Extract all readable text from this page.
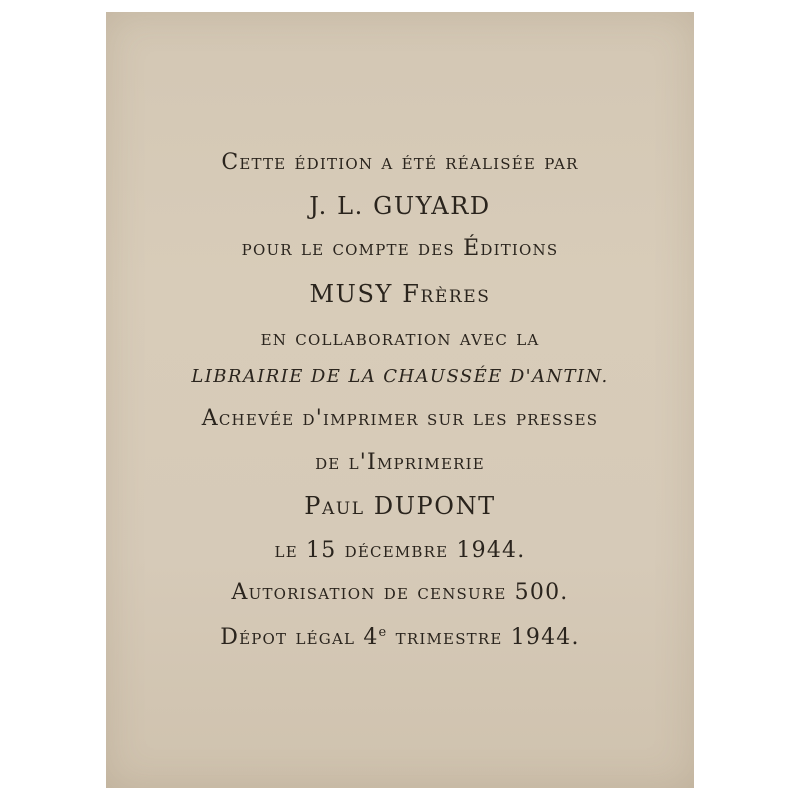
Cette édition a été réalisée par
J. L. GUYARD
pour le compte des Éditions
MUSY Frères
en collaboration avec la
LIBRAIRIE DE LA CHAUSSÉE D'ANTIN.
Achevée d'imprimer sur les presses
de l'Imprimerie
Paul DUPONT
le 15 décembre 1944.
Autorisation de censure 500.
Dépot légal 4e trimestre 1944.
